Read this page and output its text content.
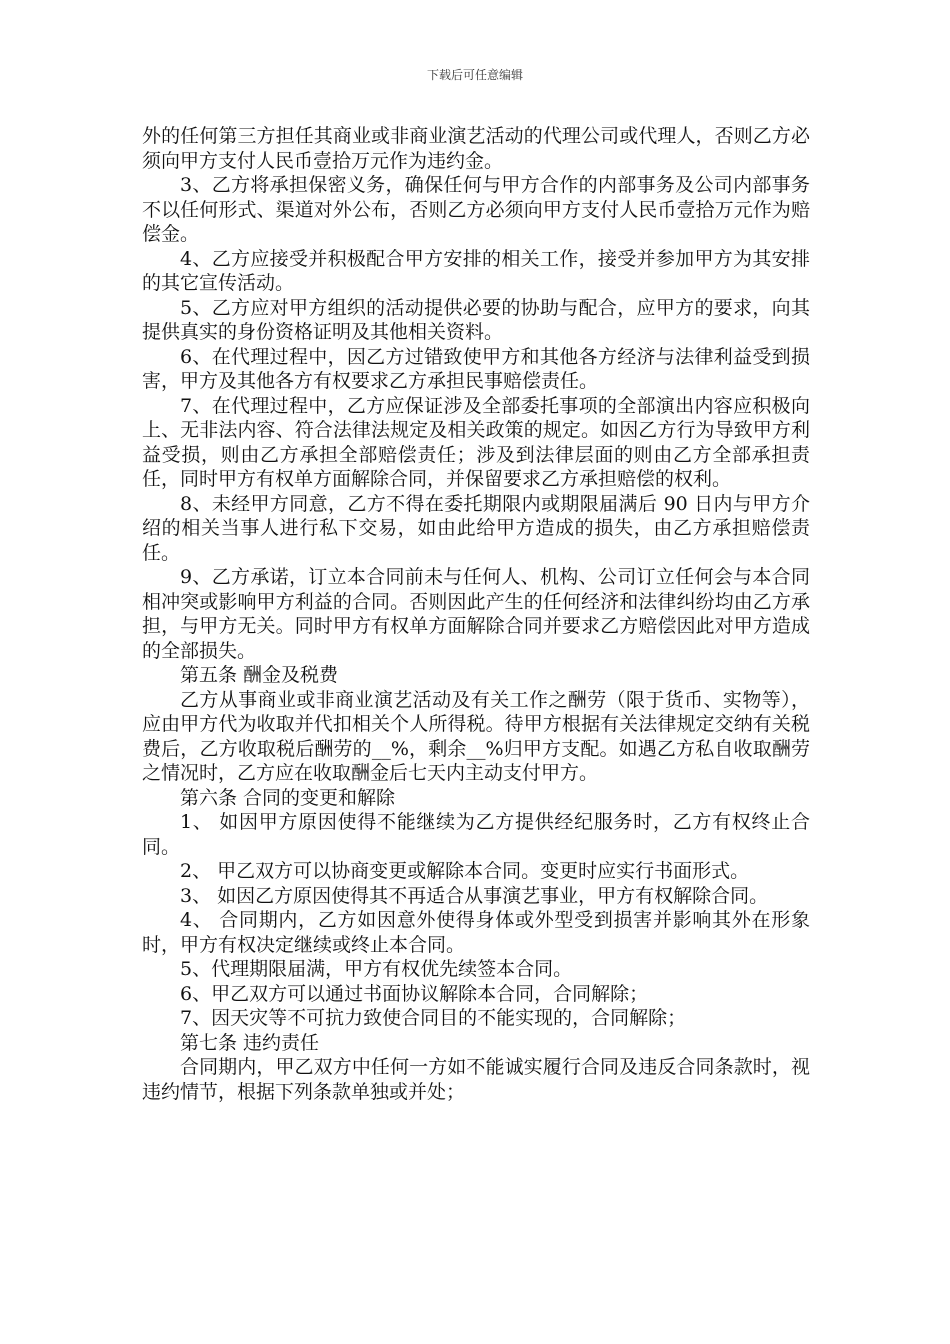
下载后可任意编辑

外的任何第三方担任其商业或非商业演艺活动的代理公司或代理人，否则乙方必须向甲方支付人民币壹拾万元作为违约金。

3、乙方将承担保密义务，确保任何与甲方合作的内部事务及公司内部事务不以任何形式、渠道对外公布，否则乙方必须向甲方支付人民币壹拾万元作为赔偿金。

4、乙方应接受并积极配合甲方安排的相关工作，接受并参加甲方为其安排的其它宣传活动。

5、乙方应对甲方组织的活动提供必要的协助与配合，应甲方的要求，向其提供真实的身份资格证明及其他相关资料。

6、在代理过程中，因乙方过错致使甲方和其他各方经济与法律利益受到损害，甲方及其他各方有权要求乙方承担民事赔偿责任。

7、在代理过程中，乙方应保证涉及全部委托事项的全部演出内容应积极向上、无非法内容、符合法律法规定及相关政策的规定。如因乙方行为导致甲方利益受损，则由乙方承担全部赔偿责任；涉及到法律层面的则由乙方全部承担责任，同时甲方有权单方面解除合同，并保留要求乙方承担赔偿的权利。

8、未经甲方同意，乙方不得在委托期限内或期限届满后 90 日内与甲方介绍的相关当事人进行私下交易，如由此给甲方造成的损失，由乙方承担赔偿责任。

9、乙方承诺，订立本合同前未与任何人、机构、公司订立任何会与本合同相冲突或影响甲方利益的合同。否则因此产生的任何经济和法律纠纷均由乙方承担，与甲方无关。同时甲方有权单方面解除合同并要求乙方赔偿因此对甲方造成的全部损失。

第五条 酬金及税费

乙方从事商业或非商业演艺活动及有关工作之酬劳（限于货币、实物等），应由甲方代为收取并代扣相关个人所得税。待甲方根据有关法律规定交纳有关税费后，乙方收取税后酬劳的__%，剩余__%归甲方支配。如遇乙方私自收取酬劳之情况时，乙方应在收取酬金后七天内主动支付甲方。

第六条 合同的变更和解除

1、 如因甲方原因使得不能继续为乙方提供经纪服务时，乙方有权终止合同。

2、 甲乙双方可以协商变更或解除本合同。变更时应实行书面形式。

3、 如因乙方原因使得其不再适合从事演艺事业，甲方有权解除合同。

4、 合同期内，乙方如因意外使得身体或外型受到损害并影响其外在形象时，甲方有权决定继续或终止本合同。

5、代理期限届满，甲方有权优先续签本合同。

6、甲乙双方可以通过书面协议解除本合同，合同解除；

7、因天灾等不可抗力致使合同目的不能实现的，合同解除；

第七条 违约责任

合同期内，甲乙双方中任何一方如不能诚实履行合同及违反合同条款时，视违约情节，根据下列条款单独或并处；
